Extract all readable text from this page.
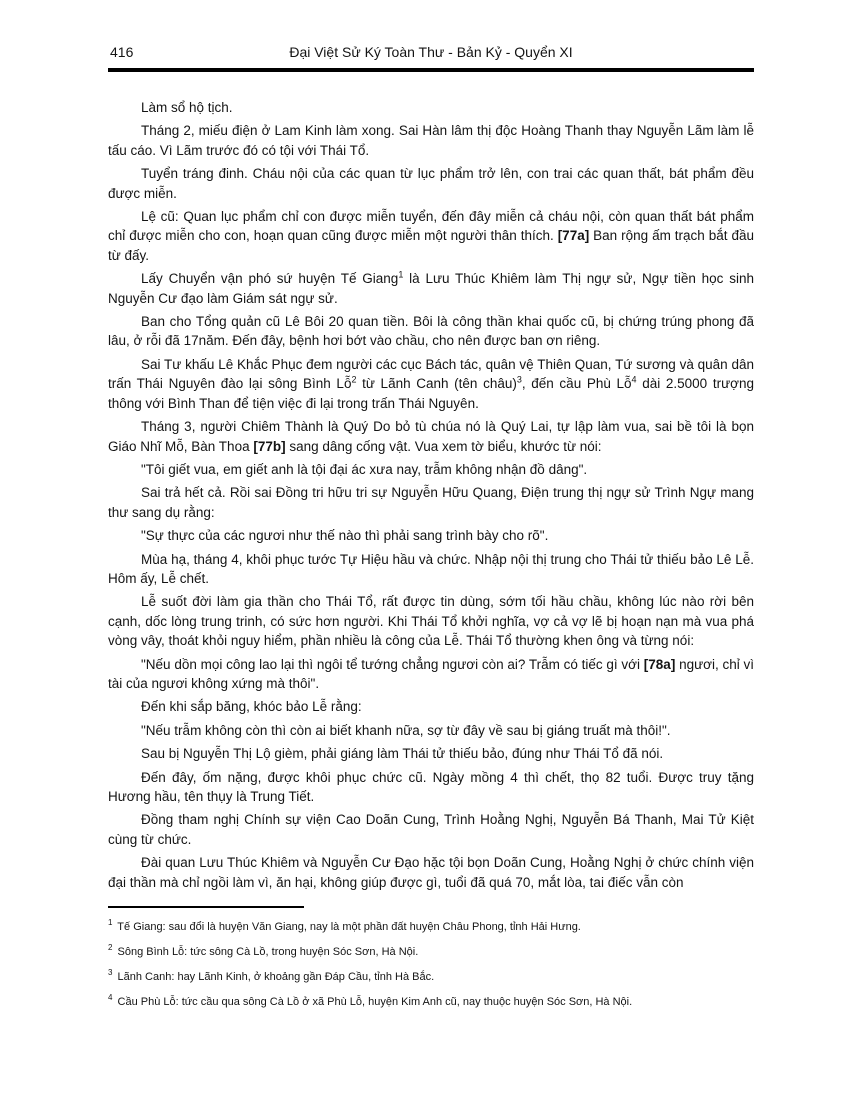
416	Đại Việt Sử Ký Toàn Thư - Bản Kỷ - Quyển XI

Làm sổ hộ tịch.

Tháng 2, miếu điện ở Lam Kinh làm xong. Sai Hàn lâm thị độc Hoàng Thanh thay Nguyễn Lãm làm lễ tấu cáo. Vì Lãm trước đó có tội với Thái Tổ.

Tuyển tráng đinh. Cháu nội của các quan từ lục phẩm trở lên, con trai các quan thất, bát phẩm đều được miễn.

Lệ cũ: Quan lục phẩm chỉ con được miễn tuyển, đến đây miễn cả cháu nội, còn quan thất bát phẩm chỉ được miễn cho con, hoạn quan cũng được miễn một người thân thích. [77a] Ban rộng ấm trạch bắt đầu từ đấy.

Lấy Chuyển vận phó sứ huyện Tế Giang$^1$ là Lưu Thúc Khiêm làm Thị ngự sử, Ngự tiền học sinh Nguyễn Cư đạo làm Giám sát ngự sử.

Ban cho Tổng quản cũ Lê Bôi 20 quan tiền. Bôi là công thần khai quốc cũ, bị chứng trúng phong đã lâu, ở rỗi đã 17năm. Đến đây, bệnh hơi bớt vào chầu, cho nên được ban ơn riêng.

Sai Tư khấu Lê Khắc Phục đem người các cục Bách tác, quân vệ Thiên Quan, Tứ sương và quân dân trấn Thái Nguyên đào lại sông Bình Lỗ$^2$ từ Lãnh Canh (tên châu)$^3$, đến cầu Phù Lỗ$^4$ dài 2.5000 trượng thông với Bình Than để tiện việc đi lại trong trấn Thái Nguyên.

Tháng 3, người Chiêm Thành là Quý Do bỏ tù chúa nó là Quý Lai, tự lập làm vua, sai bề tôi là bọn Giáo Nhĩ Mỗ, Bàn Thoa [77b] sang dâng cống vật. Vua xem tờ biểu, khước từ nói:

"Tôi giết vua, em giết anh là tội đại ác xưa nay, trẫm không nhận đồ dâng".

Sai trả hết cả. Rồi sai Đồng tri hữu tri sự Nguyễn Hữu Quang, Điện trung thị ngự sử Trình Ngự mang thư sang dụ rằng:

"Sự thực của các ngươi như thế nào thì phải sang trình bày cho rõ".

Mùa hạ, tháng 4, khôi phục tước Tự Hiệu hầu và chức. Nhập nội thị trung cho Thái tử thiếu bảo Lê Lễ. Hôm ấy, Lễ chết.

Lễ suốt đời làm gia thần cho Thái Tổ, rất được tin dùng, sớm tối hầu chầu, không lúc nào rời bên cạnh, dốc lòng trung trinh, có sức hơn người. Khi Thái Tổ khởi nghĩa, vợ cả vợ lẽ bị hoạn nạn mà vua phá vòng vây, thoát khỏi nguy hiểm, phần nhiều là công của Lễ. Thái Tổ thường khen ông và từng nói:

"Nếu dồn mọi công lao lại thì ngôi tể tướng chẳng ngươi còn ai? Trẫm có tiếc gì với [78a] ngươi, chỉ vì tài của ngươi không xứng mà thôi".

Đến khi sắp băng, khóc bảo Lễ rằng:

"Nếu trẫm không còn thì còn ai biết khanh nữa, sợ từ đây về sau bị giáng truất mà thôi!".

Sau bị Nguyễn Thị Lộ gièm, phải giáng làm Thái tử thiếu bảo, đúng như Thái Tổ đã nói.

Đến đây, ốm nặng, được khôi phục chức cũ. Ngày mồng 4 thì chết, thọ 82 tuổi. Được truy tặng Hương hầu, tên thụy là Trung Tiết.

Đồng tham nghị Chính sự viện Cao Doãn Cung, Trình Hoằng Nghị, Nguyễn Bá Thanh, Mai Tử Kiệt cùng từ chức.

Đài quan Lưu Thúc Khiêm và Nguyễn Cư Đạo hặc tội bọn Doãn Cung, Hoằng Nghị ở chức chính viện đại thần mà chỉ ngồi làm vì, ăn hại, không giúp được gì, tuổi đã quá 70, mắt lòa, tai điếc vẫn còn

$^1$ Tế Giang: sau đổi là huyện Văn Giang, nay là một phần đất huyện Châu Phong, tỉnh Hải Hưng.
$^2$ Sông Bình Lỗ: tức sông Cà Lồ, trong huyện Sóc Sơn, Hà Nội.
$^3$ Lãnh Canh: hay Lãnh Kinh, ở khoảng gần Đáp Cầu, tỉnh Hà Bắc.
$^4$ Cầu Phù Lỗ: tức cầu qua sông Cà Lồ ở xã Phù Lỗ, huyện Kim Anh cũ, nay thuộc huyện Sóc Sơn, Hà Nội.
